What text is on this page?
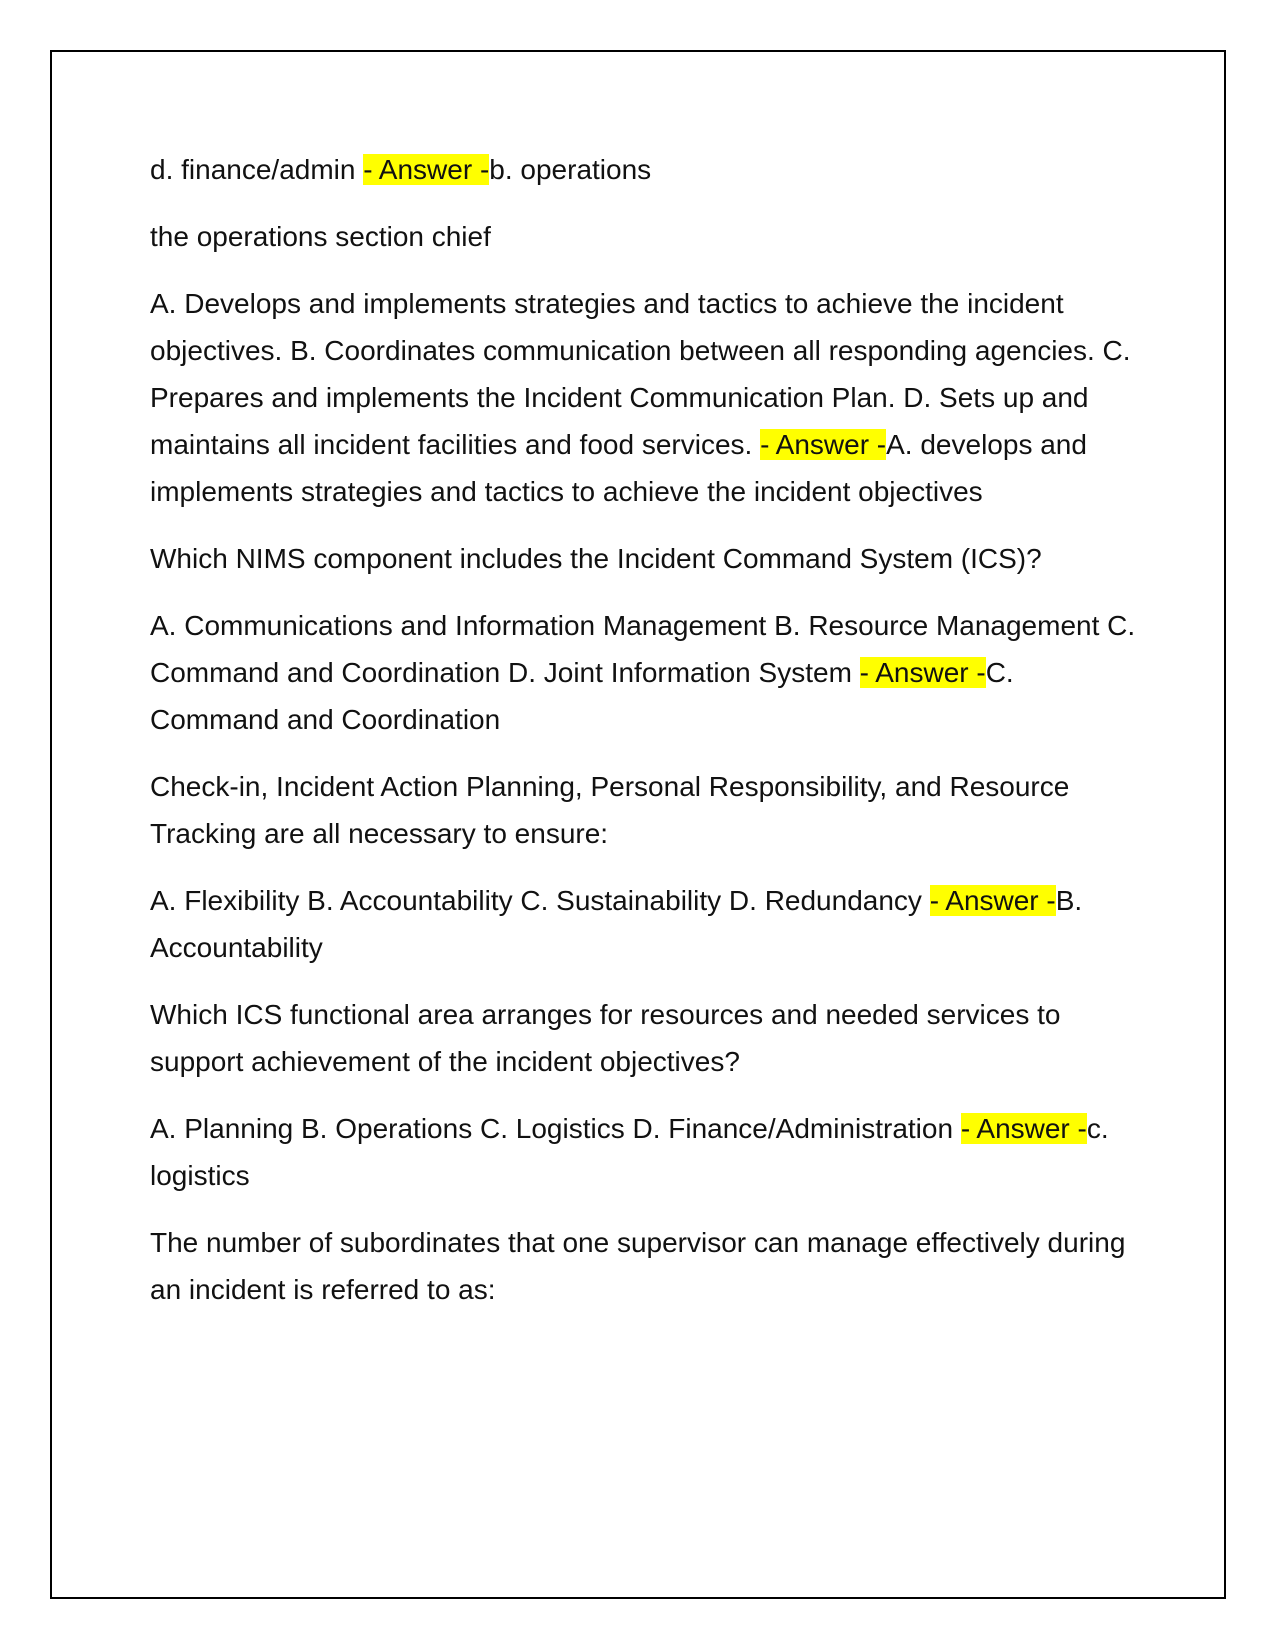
d. finance/admin - Answer -b. operations

the operations section chief

A. Develops and implements strategies and tactics to achieve the incident objectives. B. Coordinates communication between all responding agencies. C. Prepares and implements the Incident Communication Plan. D. Sets up and maintains all incident facilities and food services. - Answer -A. develops and implements strategies and tactics to achieve the incident objectives

Which NIMS component includes the Incident Command System (ICS)?

A. Communications and Information Management B. Resource Management C. Command and Coordination D. Joint Information System - Answer -C. Command and Coordination

Check-in, Incident Action Planning, Personal Responsibility, and Resource Tracking are all necessary to ensure:

A. Flexibility B. Accountability C. Sustainability D. Redundancy - Answer -B. Accountability

Which ICS functional area arranges for resources and needed services to support achievement of the incident objectives?

A. Planning B. Operations C. Logistics D. Finance/Administration - Answer -c. logistics

The number of subordinates that one supervisor can manage effectively during an incident is referred to as:
